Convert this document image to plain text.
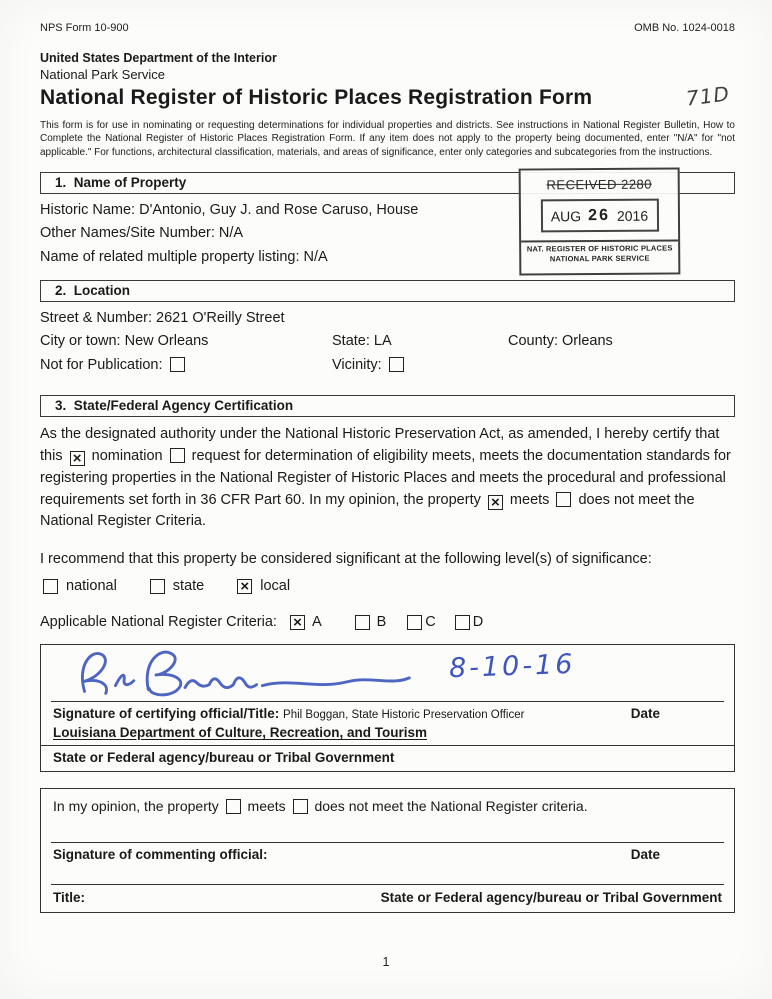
NPS Form 10-900	OMB No. 1024-0018
United States Department of the Interior
National Park Service
National Register of Historic Places Registration Form
This form is for use in nominating or requesting determinations for individual properties and districts. See instructions in National Register Bulletin, How to Complete the National Register of Historic Places Registration Form. If any item does not apply to the property being documented, enter "N/A" for "not applicable." For functions, architectural classification, materials, and areas of significance, enter only categories and subcategories from the instructions.
1.  Name of Property
Historic Name: D'Antonio, Guy J. and Rose Caruso, House
Other Names/Site Number: N/A
Name of related multiple property listing: N/A
2.  Location
Street & Number: 2621 O'Reilly Street
City or town: New Orleans	State: LA	County: Orleans
Not for Publication:	Vicinity:
3.  State/Federal Agency Certification
As the designated authority under the National Historic Preservation Act, as amended, I hereby certify that this × nomination request for determination of eligibility meets, meets the documentation standards for registering properties in the National Register of Historic Places and meets the procedural and professional requirements set forth in 36 CFR Part 60. In my opinion, the property × meets does not meet the National Register Criteria.
I recommend that this property be considered significant at the following level(s) of significance:
national	state × local
Applicable National Register Criteria: × A	B	C	D
8-10-16
Signature of certifying official/Title: Phil Boggan, State Historic Preservation Officer	Date
Louisiana Department of Culture, Recreation, and Tourism
State or Federal agency/bureau or Tribal Government
In my opinion, the property meets does not meet the National Register criteria.
Signature of commenting official:	Date
Title:	State or Federal agency/bureau or Tribal Government
RECEIVED 2280
AUG 26 2016
NAT. REGISTER OF HISTORIC PLACES
NATIONAL PARK SERVICE
71D
1
